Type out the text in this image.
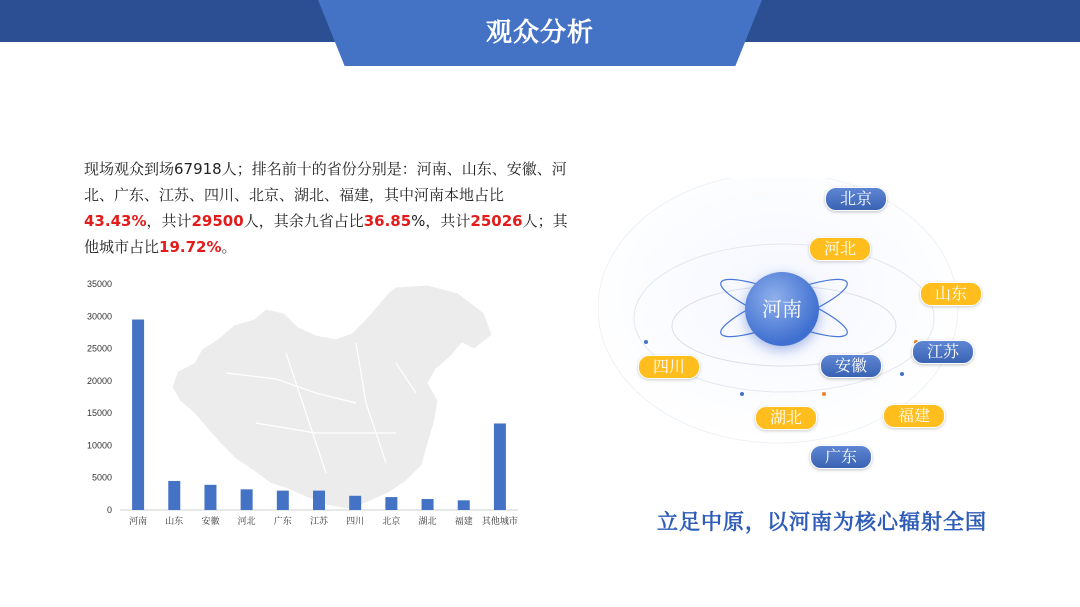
观众分析
现场观众到场67918人；排名前十的省份分别是：河南、山东、安徽、河北、广东、江苏、四川、北京、湖北、福建，其中河南本地占比43.43%，共计29500人，其余九省占比36.85%，共计25026人；其他城市占比19.72%。
0
5000
10000
15000
20000
25000
30000
35000
河南 山东 安徽 河北 广东 江苏 四川 北京 湖北 福建 其他城市
河南
北京
河北
山东
江苏
四川	安徽
湖北	福建
广东
立足中原，以河南为核心辐射全国
